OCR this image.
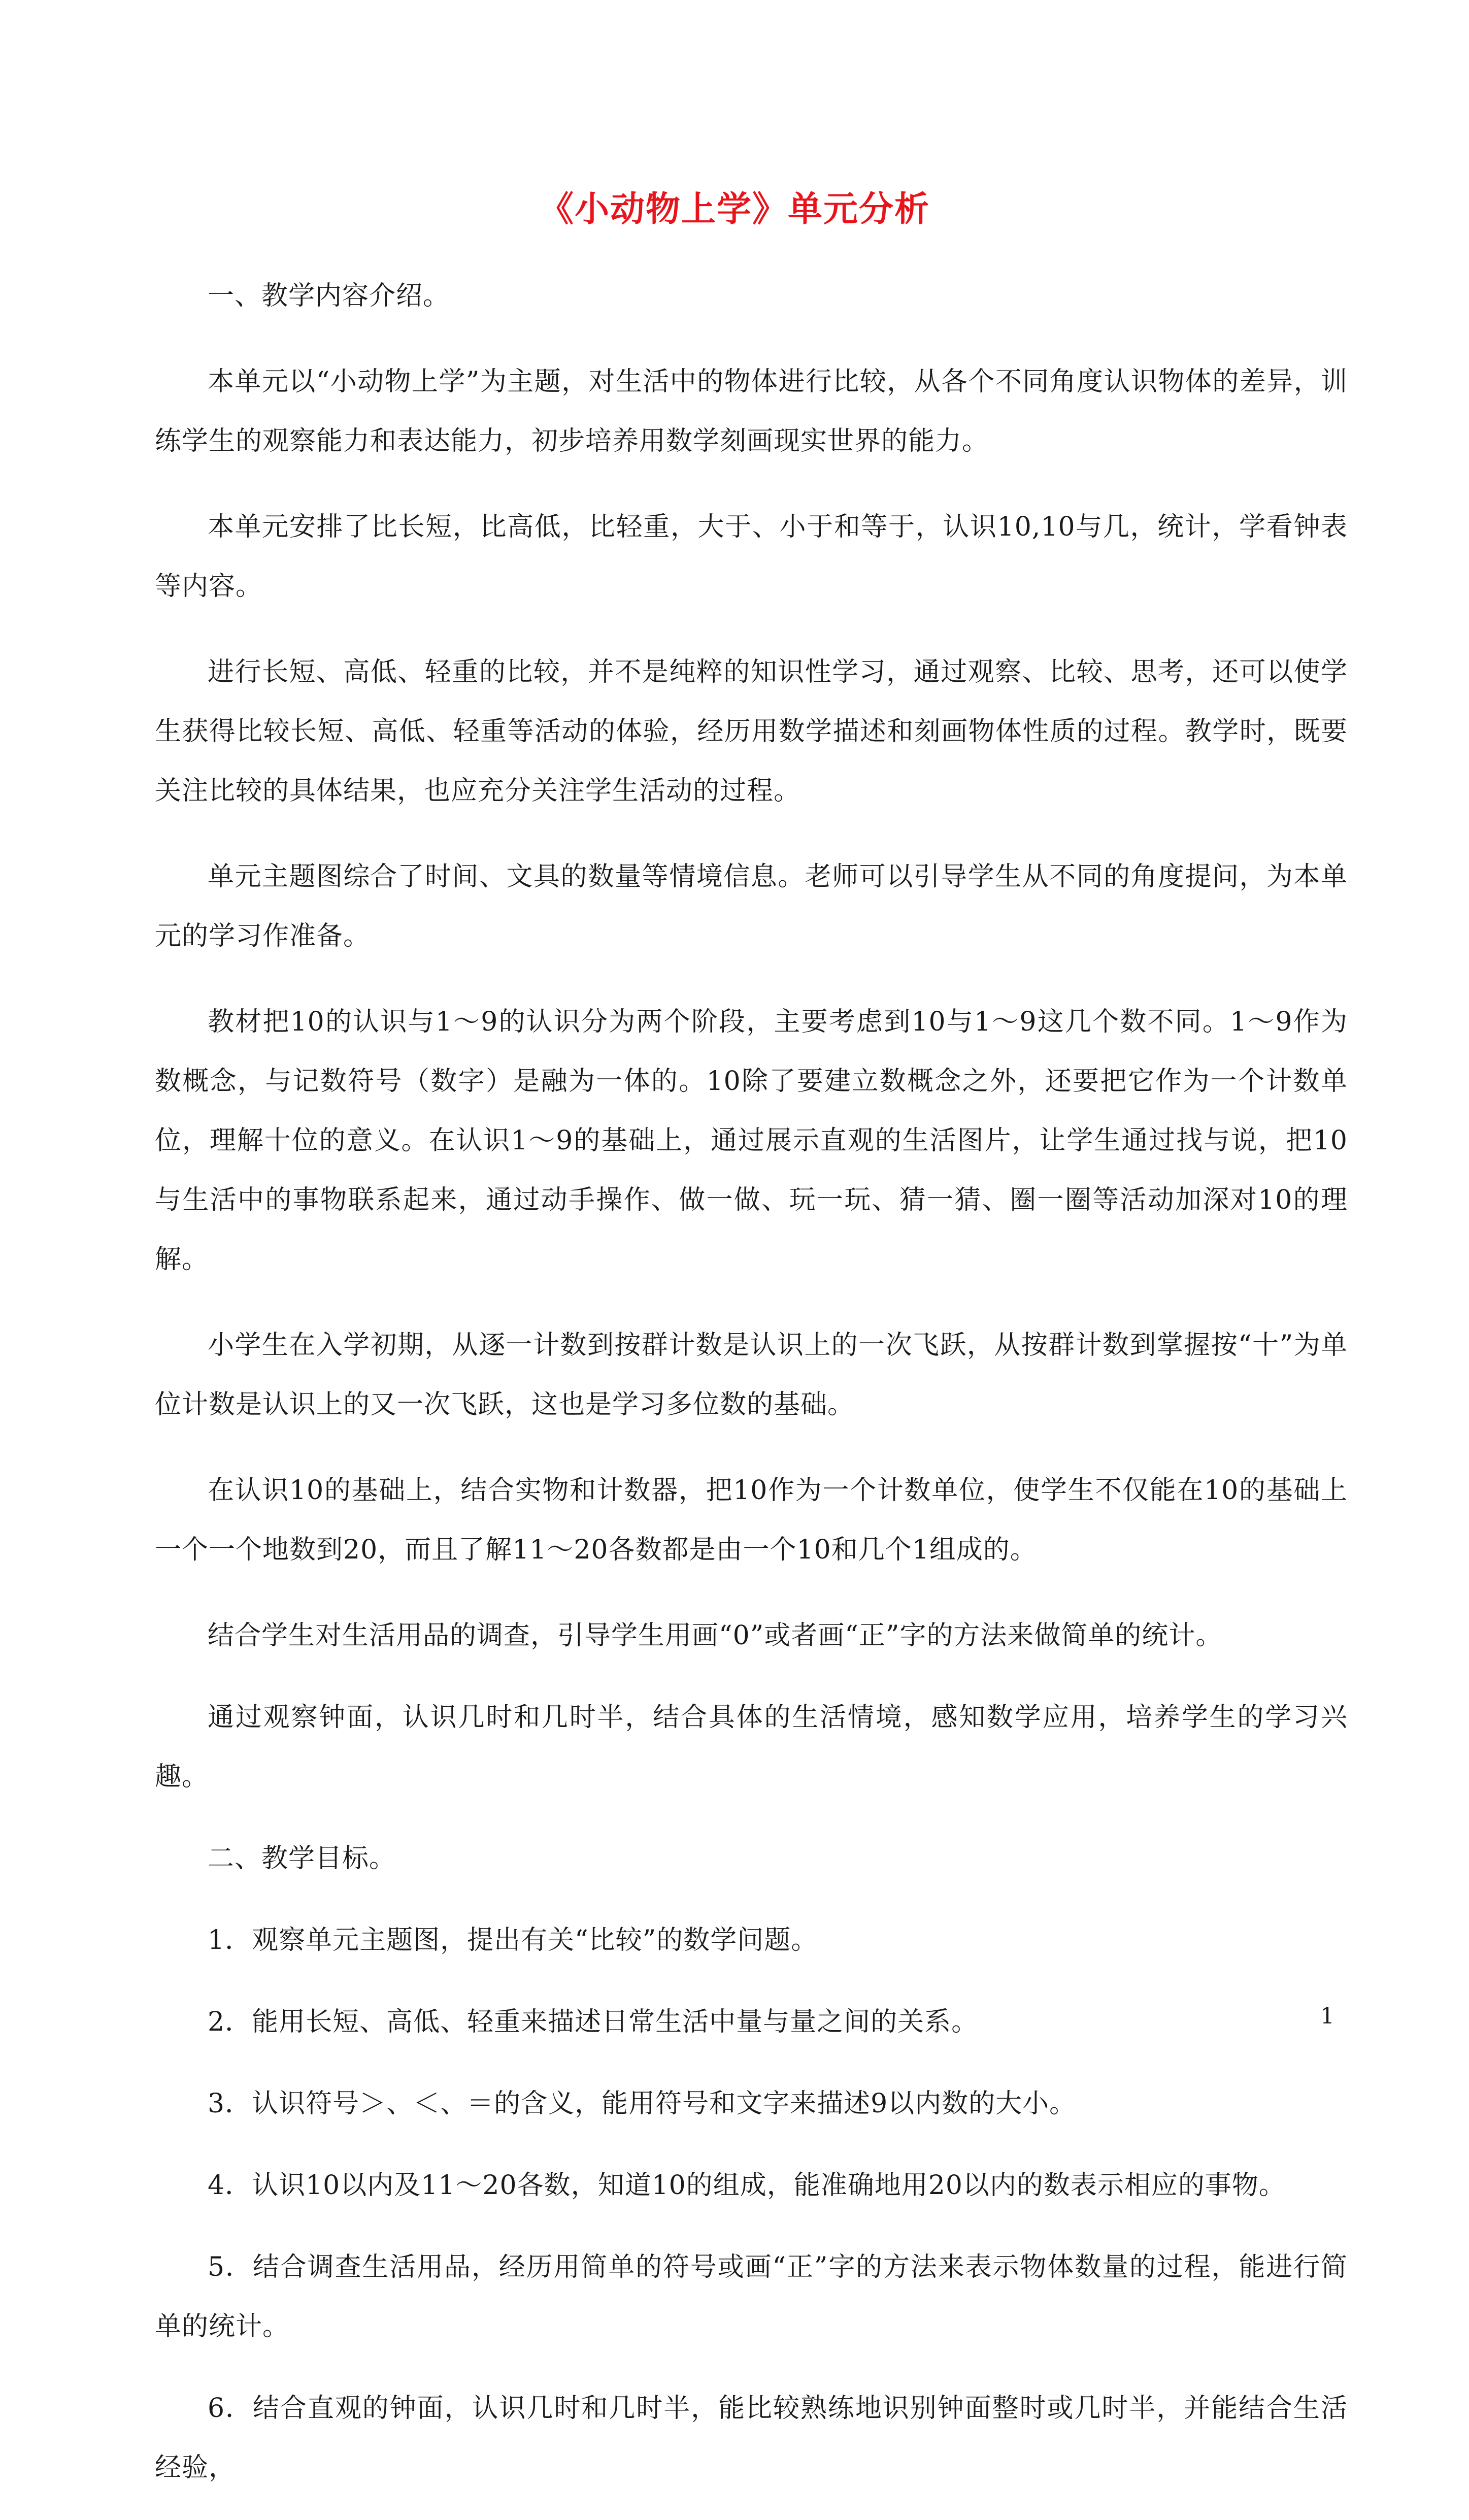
《小动物上学》单元分析

一、教学内容介绍。

本单元以“小动物上学”为主题，对生活中的物体进行比较，从各个不同角度认识物体的差异，训练学生的观察能力和表达能力，初步培养用数学刻画现实世界的能力。

本单元安排了比长短，比高低，比轻重，大于、小于和等于，认识10,10与几，统计，学看钟表等内容。

进行长短、高低、轻重的比较，并不是纯粹的知识性学习，通过观察、比较、思考，还可以使学生获得比较长短、高低、轻重等活动的体验，经历用数学描述和刻画物体性质的过程。教学时，既要关注比较的具体结果，也应充分关注学生活动的过程。

单元主题图综合了时间、文具的数量等情境信息。老师可以引导学生从不同的角度提问，为本单元的学习作准备。

教材把10的认识与1～9的认识分为两个阶段，主要考虑到10与1～9这几个数不同。1～9作为数概念，与记数符号（数字）是融为一体的。10除了要建立数概念之外，还要把它作为一个计数单位，理解十位的意义。在认识1～9的基础上，通过展示直观的生活图片，让学生通过找与说，把10与生活中的事物联系起来，通过动手操作、做一做、玩一玩、猜一猜、圈一圈等活动加深对10的理解。

小学生在入学初期，从逐一计数到按群计数是认识上的一次飞跃，从按群计数到掌握按“十”为单位计数是认识上的又一次飞跃，这也是学习多位数的基础。

在认识10的基础上，结合实物和计数器，把10作为一个计数单位，使学生不仅能在10的基础上一个一个地数到20，而且了解11～20各数都是由一个10和几个1组成的。

结合学生对生活用品的调查，引导学生用画“0”或者画“正”字的方法来做简单的统计。

通过观察钟面，认识几时和几时半，结合具体的生活情境，感知数学应用，培养学生的学习兴趣。

二、教学目标。

1．观察单元主题图，提出有关“比较”的数学问题。

2．能用长短、高低、轻重来描述日常生活中量与量之间的关系。

3．认识符号＞、＜、＝的含义，能用符号和文字来描述9以内数的大小。

4．认识10以内及11～20各数，知道10的组成，能准确地用20以内的数表示相应的事物。

5．结合调查生活用品，经历用简单的符号或画“正”字的方法来表示物体数量的过程，能进行简单的统计。

6．结合直观的钟面，认识几时和几时半，能比较熟练地识别钟面整时或几时半，并能结合生活经验，

1
